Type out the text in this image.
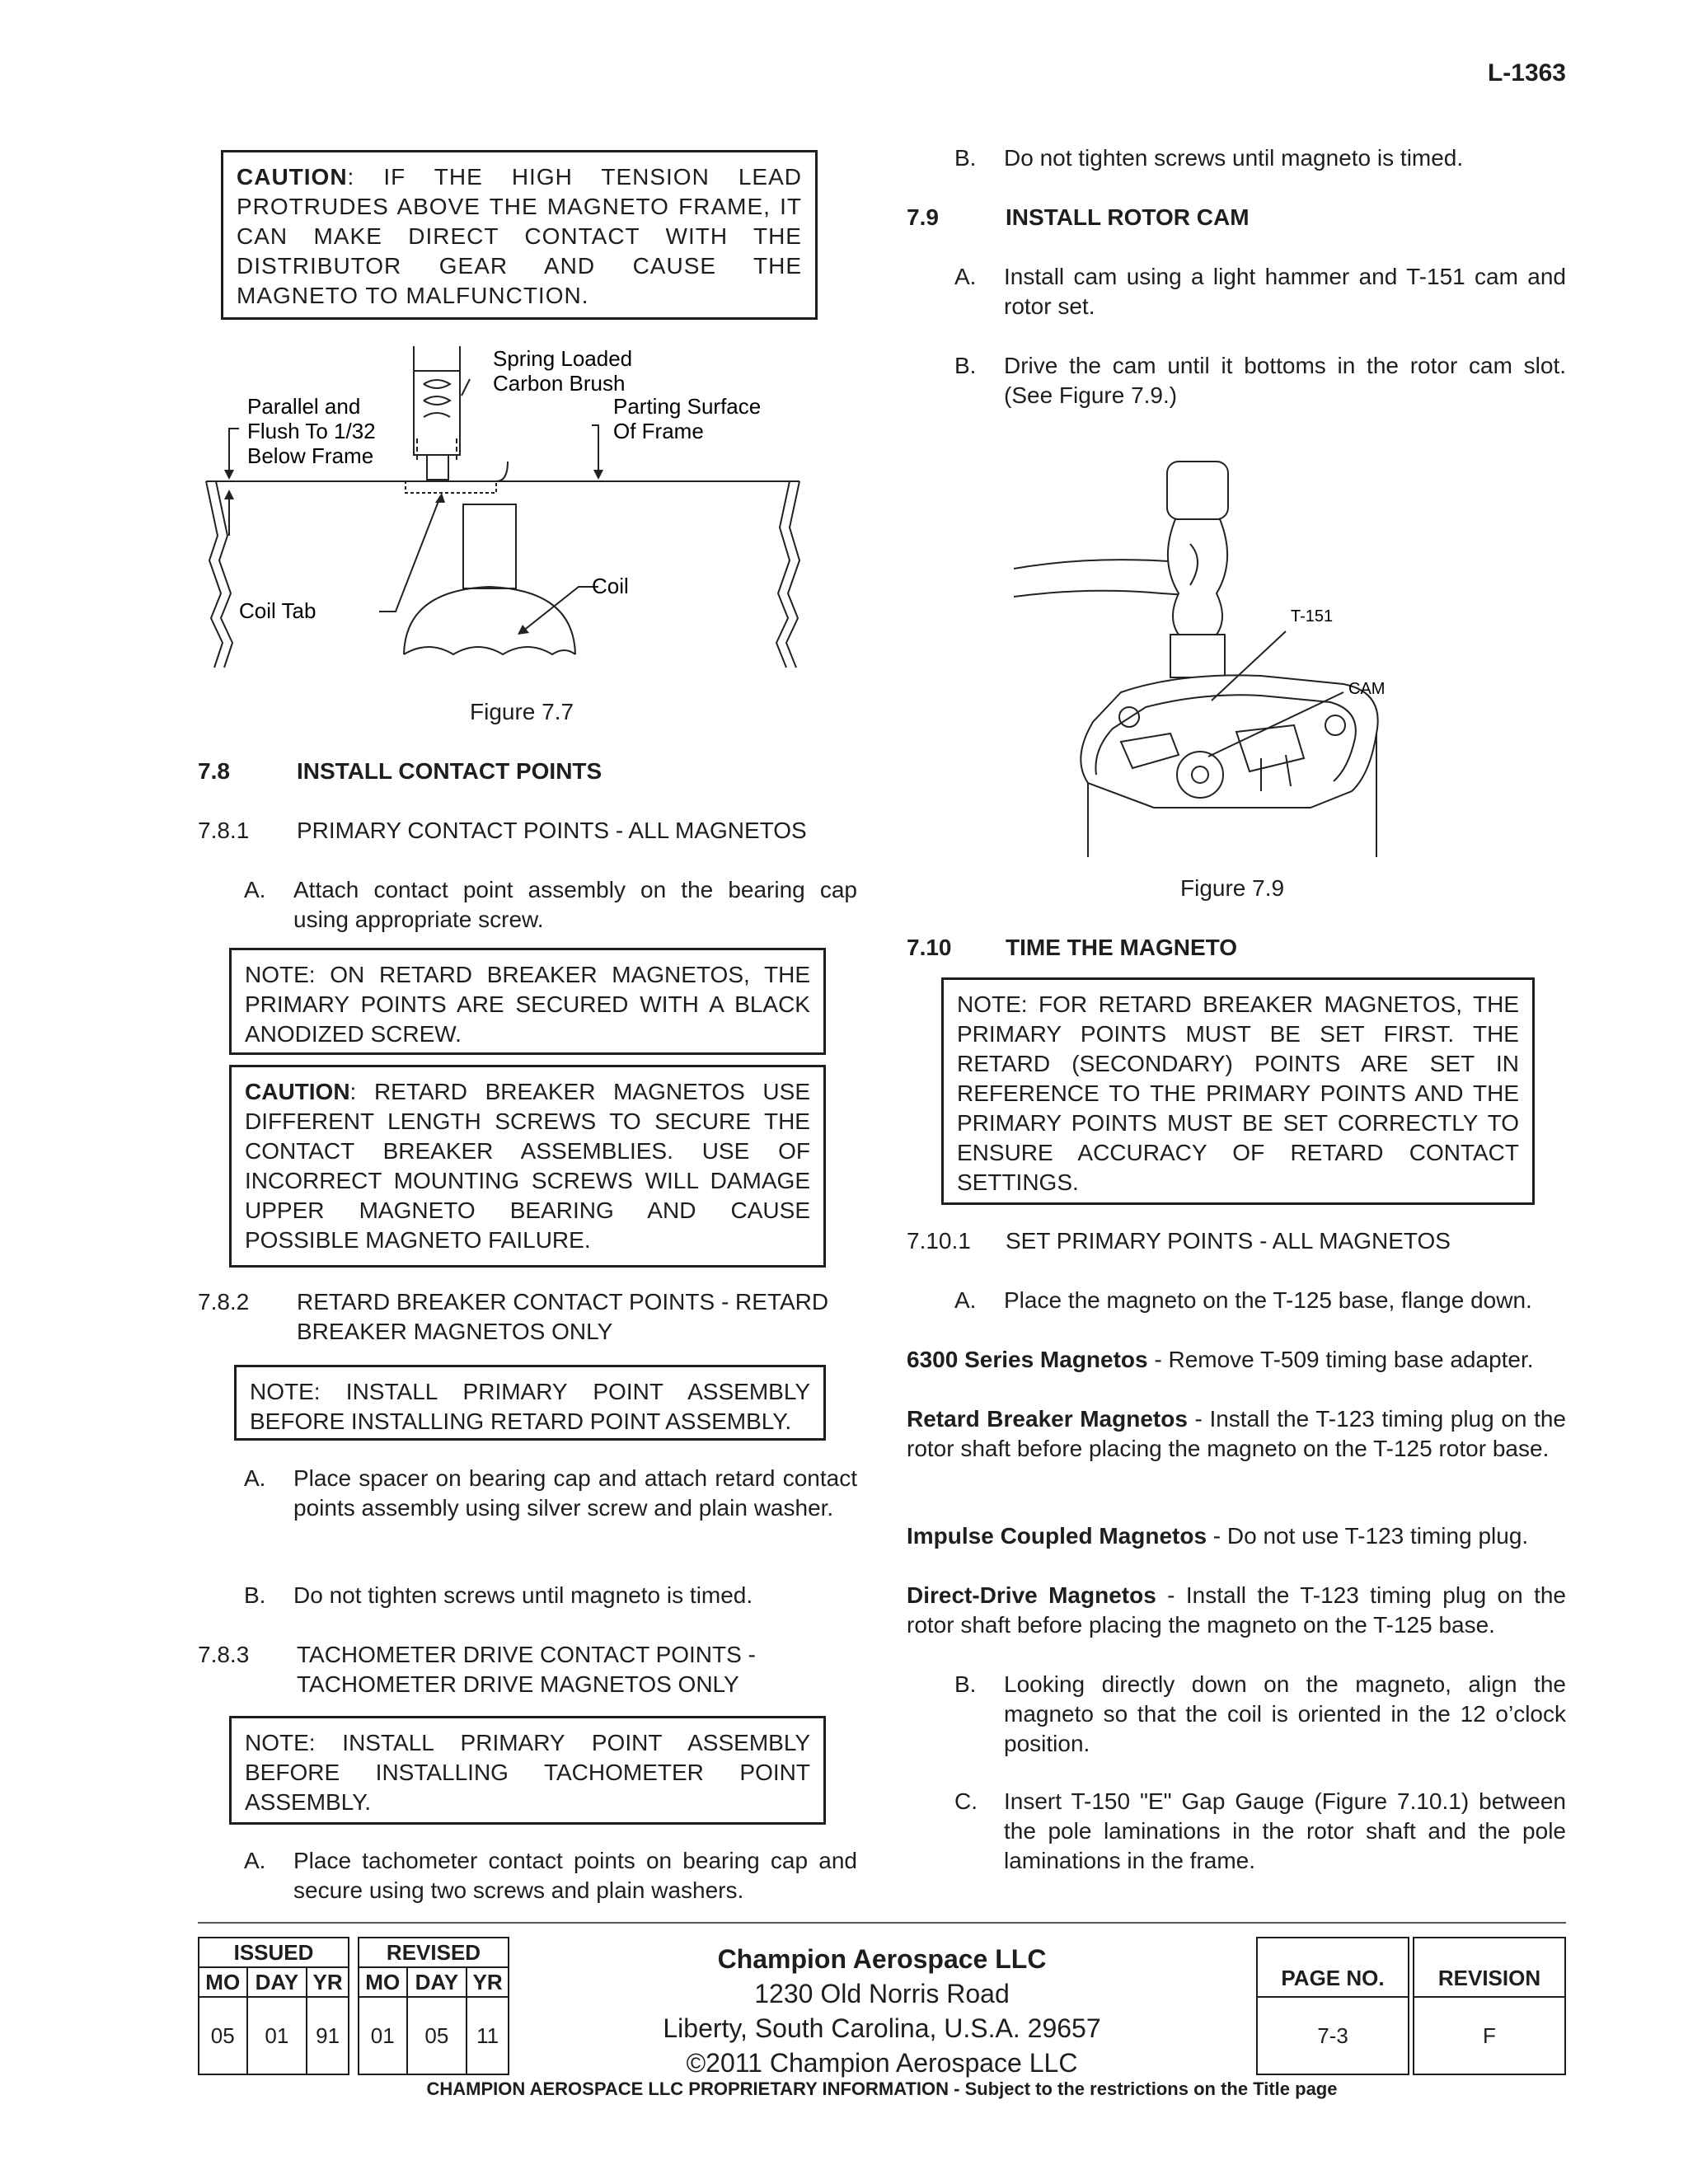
L-1363
CAUTION: IF THE HIGH TENSION LEAD PROTRUDES ABOVE THE MAGNETO FRAME, IT CAN MAKE DIRECT CONTACT WITH THE DISTRIBUTOR GEAR AND CAUSE THE MAGNETO TO MALFUNCTION.
Spring Loaded
Carbon Brush
Parallel and
Flush To 1/32
Below Frame
Parting Surface
Of Frame
Coil
Coil Tab
Figure 7.7
7.8	INSTALL CONTACT POINTS
7.8.1	PRIMARY CONTACT POINTS - ALL MAGNETOS
A.	Attach contact point assembly on the bearing cap using appropriate screw.
NOTE: ON RETARD BREAKER MAGNETOS, THE PRIMARY POINTS ARE SECURED WITH A BLACK ANODIZED SCREW.
CAUTION: RETARD BREAKER MAGNETOS USE DIFFERENT LENGTH SCREWS TO SECURE THE CONTACT BREAKER ASSEMBLIES. USE OF INCORRECT MOUNTING SCREWS WILL DAMAGE UPPER MAGNETO BEARING AND CAUSE POSSIBLE MAGNETO FAILURE.
7.8.2	RETARD BREAKER CONTACT POINTS - RETARD BREAKER MAGNETOS ONLY
NOTE: INSTALL PRIMARY POINT ASSEMBLY BEFORE INSTALLING RETARD POINT ASSEMBLY.
A.	Place spacer on bearing cap and attach retard contact points assembly using silver screw and plain washer.
B.	Do not tighten screws until magneto is timed.
7.8.3	TACHOMETER DRIVE CONTACT POINTS - TACHOMETER DRIVE MAGNETOS ONLY
NOTE: INSTALL PRIMARY POINT ASSEMBLY BEFORE INSTALLING TACHOMETER POINT ASSEMBLY.
A.	Place tachometer contact points on bearing cap and secure using two screws and plain washers.
B.	Do not tighten screws until magneto is timed.
7.9	INSTALL ROTOR CAM
A.	Install cam using a light hammer and T-151 cam and rotor set.
B.	Drive the cam until it bottoms in the rotor cam slot. (See Figure 7.9.)
T-151
CAM
Figure 7.9
7.10	TIME THE MAGNETO
NOTE: FOR RETARD BREAKER MAGNETOS, THE PRIMARY POINTS MUST BE SET FIRST. THE RETARD (SECONDARY) POINTS ARE SET IN REFERENCE TO THE PRIMARY POINTS AND THE PRIMARY POINTS MUST BE SET CORRECTLY TO ENSURE ACCURACY OF RETARD CONTACT SETTINGS.
7.10.1	SET PRIMARY POINTS - ALL MAGNETOS
A.	Place the magneto on the T-125 base, flange down.
6300 Series Magnetos - Remove T-509 timing base adapter.
Retard Breaker Magnetos - Install the T-123 timing plug on the rotor shaft before placing the magneto on the T-125 rotor base.
Impulse Coupled Magnetos - Do not use T-123 timing plug.
Direct-Drive Magnetos - Install the T-123 timing plug on the rotor shaft before placing the magneto on the T-125 base.
B.	Looking directly down on the magneto, align the magneto so that the coil is oriented in the 12 o’clock position.
C.	Insert T-150 "E" Gap Gauge (Figure 7.10.1) between the pole laminations in the rotor shaft and the pole laminations in the frame.
ISSUED		
MO	DAY	YR
05	01	91
REVISED		
MO	DAY	YR
01	05	11
Champion Aerospace LLC
1230 Old Norris Road
Liberty, South Carolina, U.S.A. 29657
©2011 Champion Aerospace LLC
PAGE NO.
7-3
REVISION
F
CHAMPION AEROSPACE LLC PROPRIETARY INFORMATION - Subject to the restrictions on the Title page
